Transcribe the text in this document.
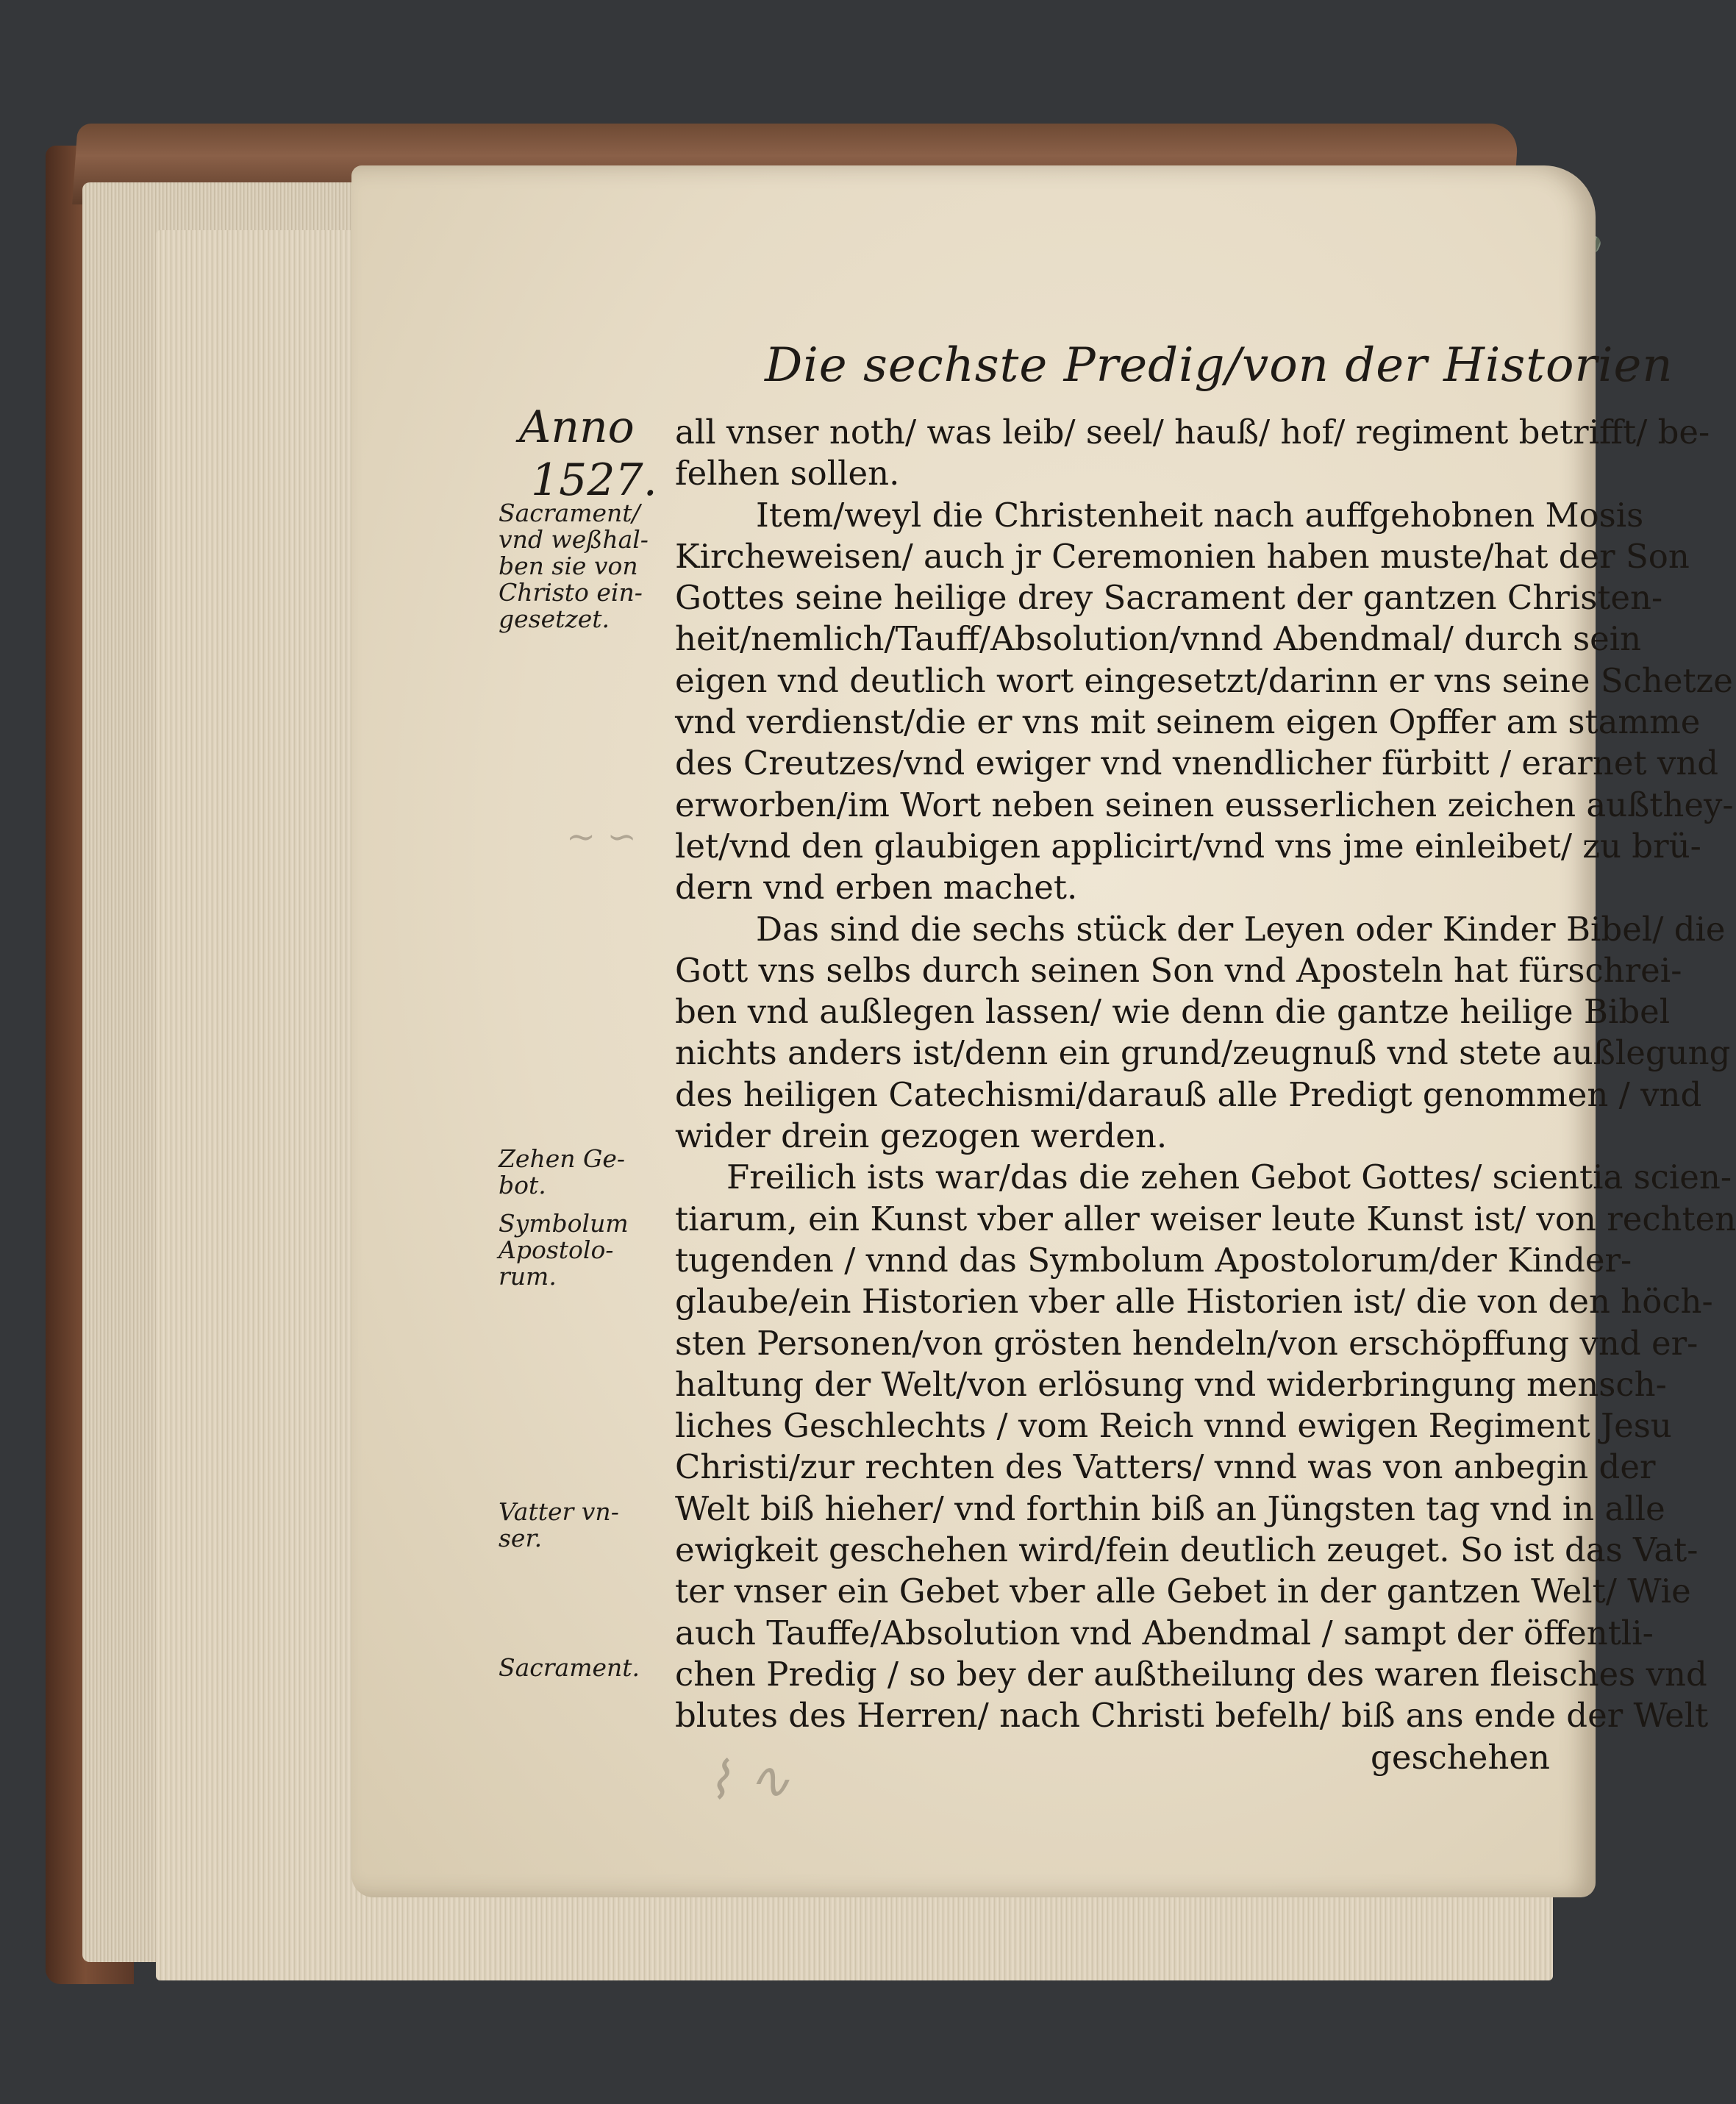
Die sechste Predig/von der Historien
Anno
1527.
all vnser noth/ was leib/ seel/ hauß/ hof/ regiment betrifft/ be-
felhen sollen.
Item/weyl die Christenheit nach auffgehobnen Mosis
Kircheweisen/ auch jr Ceremonien haben muste/hat der Son
Gottes seine heilige drey Sacrament der gantzen Christen-
heit/nemlich/Tauff/Absolution/vnnd Abendmal/ durch sein
eigen vnd deutlich wort eingesetzt/darinn er vns seine Schetze
vnd verdienst/die er vns mit seinem eigen Opffer am stamme
des Creutzes/vnd ewiger vnd vnendlicher fürbitt / erarnet vnd
erworben/im Wort neben seinen eusserlichen zeichen außthey-
let/vnd den glaubigen applicirt/vnd vns jme einleibet/ zu brü-
dern vnd erben machet.
Das sind die sechs stück der Leyen oder Kinder Bibel/ die
Gott vns selbs durch seinen Son vnd Aposteln hat fürschrei-
ben vnd außlegen lassen/ wie denn die gantze heilige Bibel
nichts anders ist/denn ein grund/zeugnuß vnd stete außlegung
des heiligen Catechismi/darauß alle Predigt genommen / vnd
wider drein gezogen werden.
Freilich ists war/das die zehen Gebot Gottes/ scientia scien-
tiarum, ein Kunst vber aller weiser leute Kunst ist/ von rechten
tugenden / vnnd das Symbolum Apostolorum/der Kinder-
glaube/ein Historien vber alle Historien ist/ die von den höch-
sten Personen/von grösten hendeln/von erschöpffung vnd er-
haltung der Welt/von erlösung vnd widerbringung mensch-
liches Geschlechts / vom Reich vnnd ewigen Regiment Jesu
Christi/zur rechten des Vatters/ vnnd was von anbegin der
Welt biß hieher/ vnd forthin biß an Jüngsten tag vnd in alle
ewigkeit geschehen wird/fein deutlich zeuget. So ist das Vat-
ter vnser ein Gebet vber alle Gebet in der gantzen Welt/ Wie
auch Tauffe/Absolution vnd Abendmal / sampt der öffentli-
chen Predig / so bey der außtheilung des waren fleisches vnd
blutes des Herren/ nach Christi befelh/ biß ans ende der Welt
geschehen
Sacrament/
vnd weßhal-
ben sie von
Christo ein-
gesetzet.
Zehen Ge-
bot.
Symbolum
Apostolo-
rum.
Vatter vn-
ser.
Sacrament.
∼ ∽
⌇ ∿
